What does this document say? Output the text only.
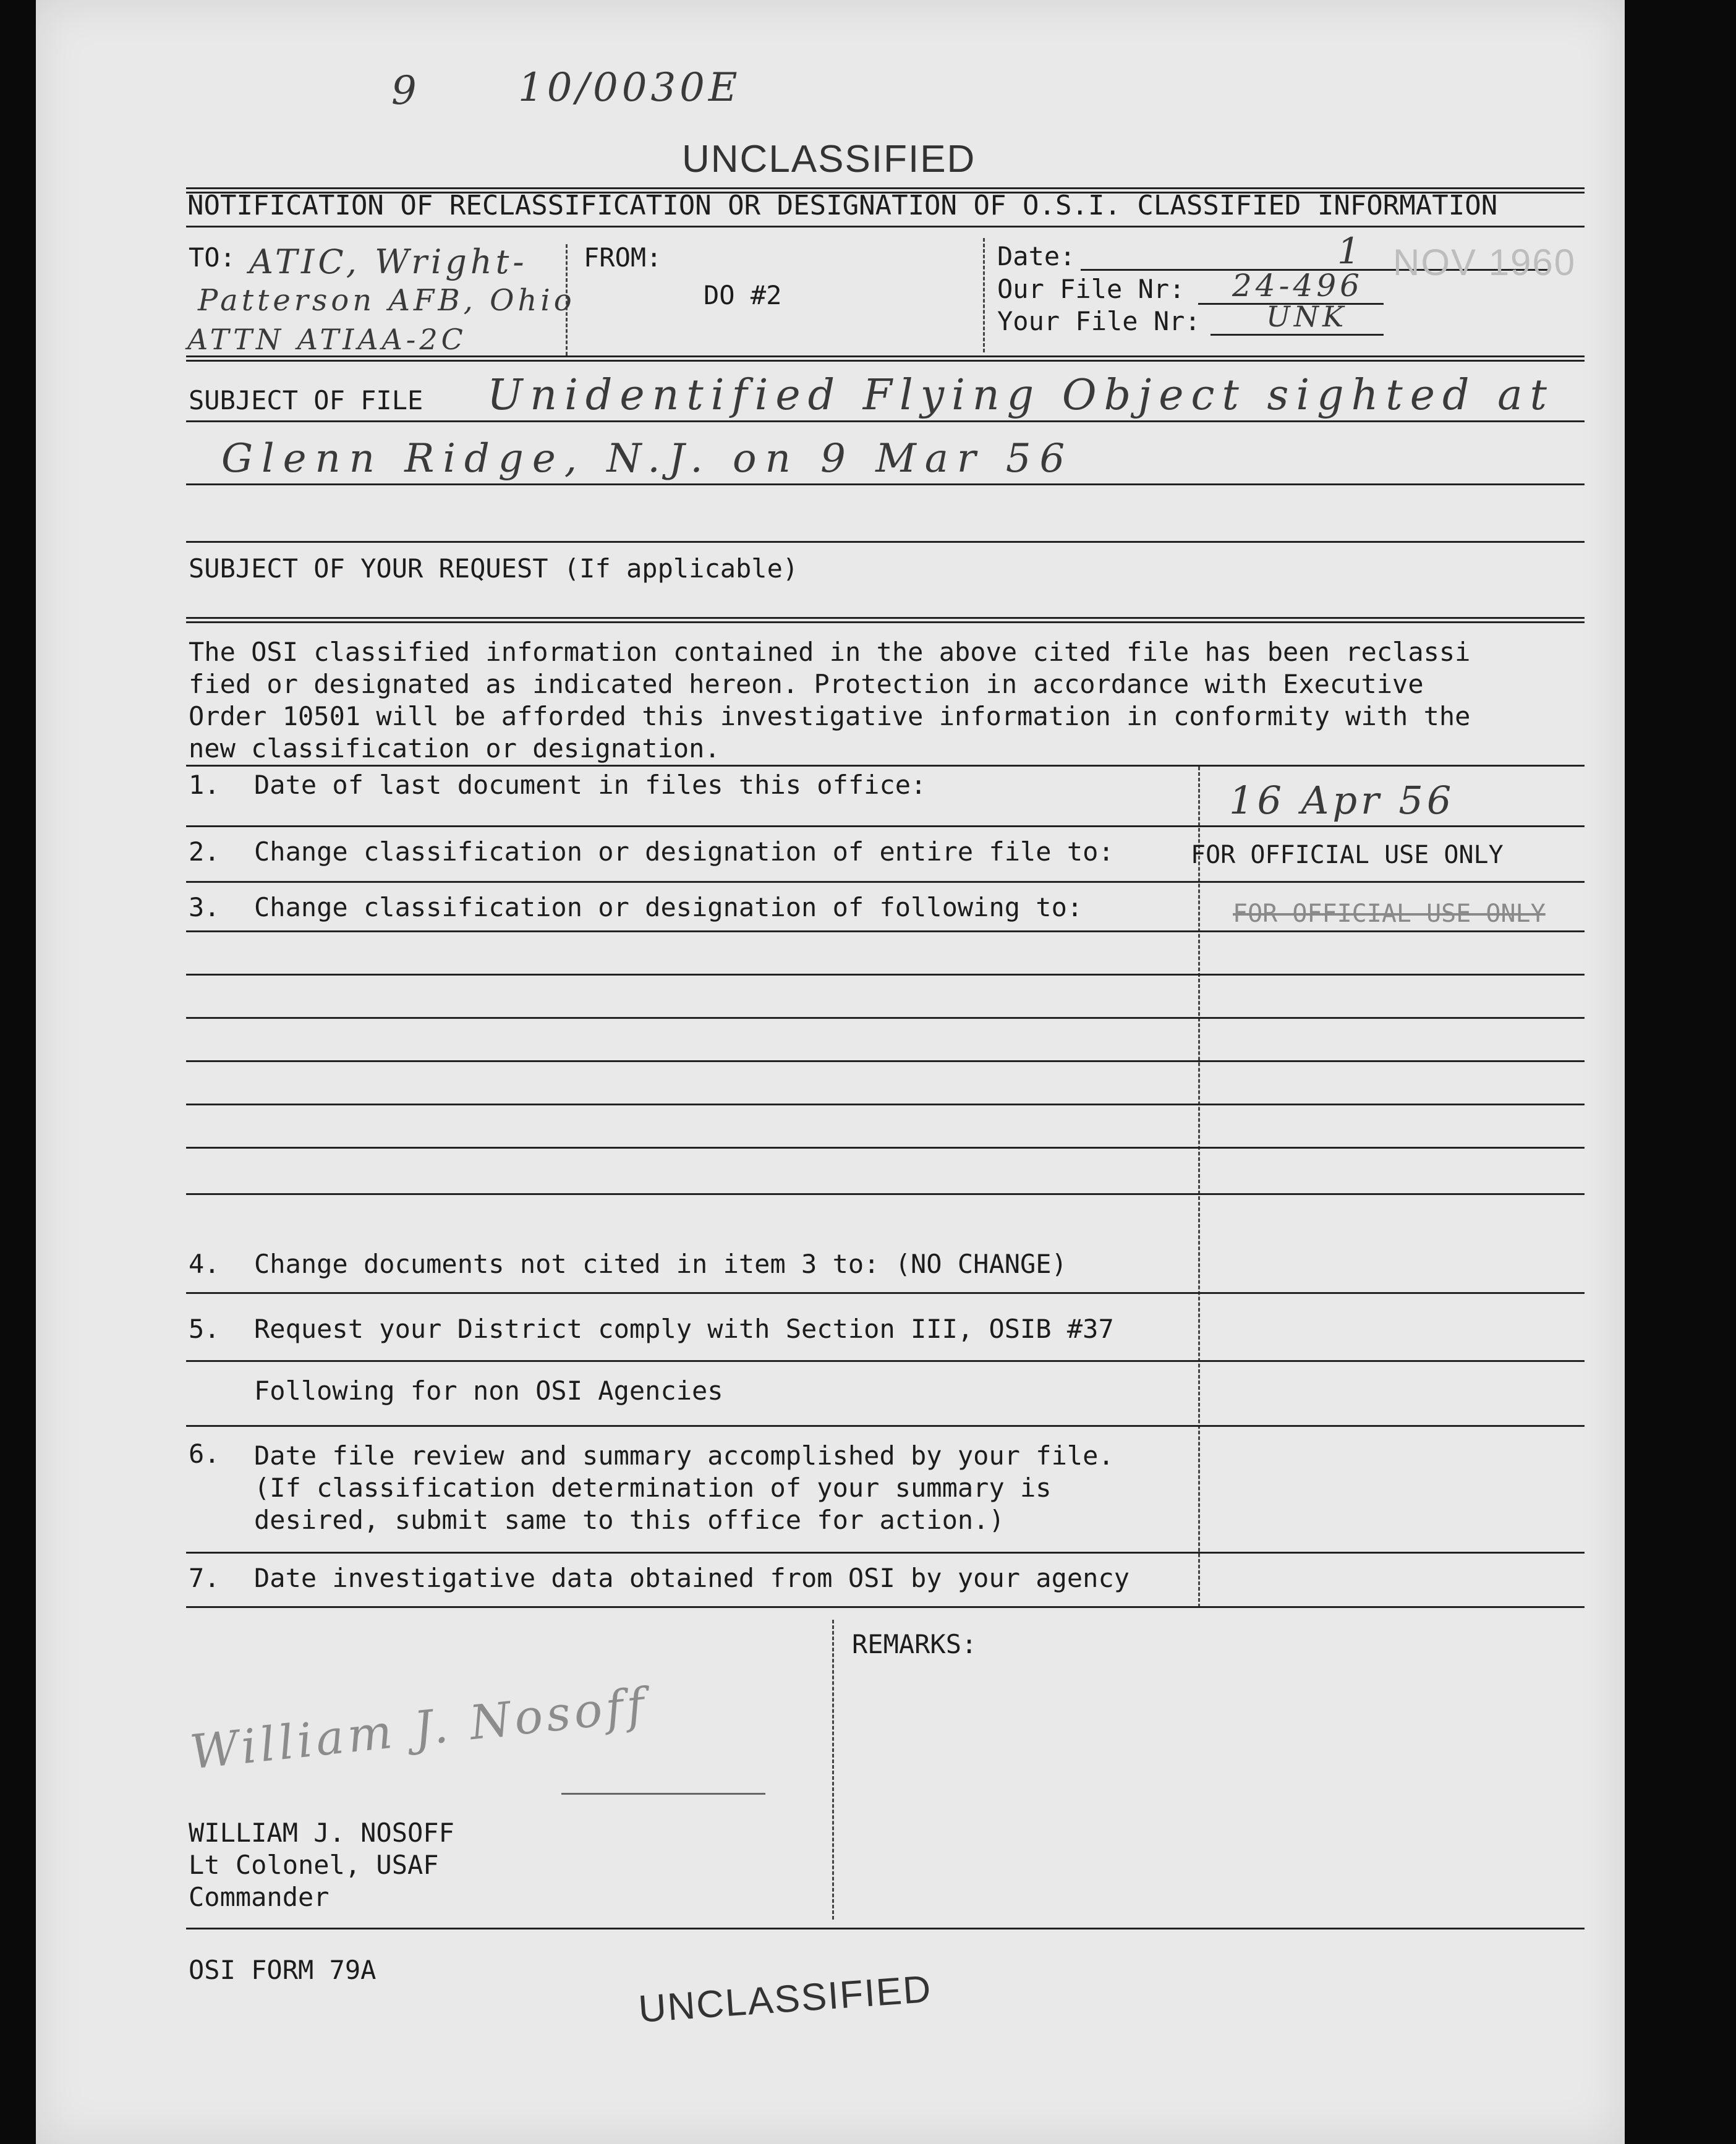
9 10/0030E
UNCLASSIFIED
NOTIFICATION OF RECLASSIFICATION OR DESIGNATION OF O.S.I. CLASSIFIED INFORMATION
TO: ATIC, Wright-
Patterson AFB, Ohio
ATTN ATIAA-2C
FROM:
DO #2
Date:	1 NOV 1960
Our File Nr: 24-496
Your File Nr: UNK
SUBJECT OF FILE Unidentified Flying Object sighted at
Glenn Ridge, N.J. on 9 Mar 56
SUBJECT OF YOUR REQUEST (If applicable)
The OSI classified information contained in the above cited file has been reclassi
fied or designated as indicated hereon. Protection in accordance with Executive
Order 10501 will be afforded this investigative information in conformity with the
new classification or designation.
1. Date of last document in files this office:	16 Apr 56
2. Change classification or designation of entire file to:	FOR OFFICIAL USE ONLY
3. Change classification or designation of following to:	FOR OFFICIAL USE ONLY
4. Change documents not cited in item 3 to: (NO CHANGE)
5. Request your District comply with Section III, OSIB #37
Following for non OSI Agencies
6. Date file review and summary accomplished by your file.
(If classification determination of your summary is
desired, submit same to this office for action.)
7. Date investigative data obtained from OSI by your agency
REMARKS:
William J. Nosoff
WILLIAM J. NOSOFF
Lt Colonel, USAF
Commander
OSI FORM 79A	UNCLASSIFIED
